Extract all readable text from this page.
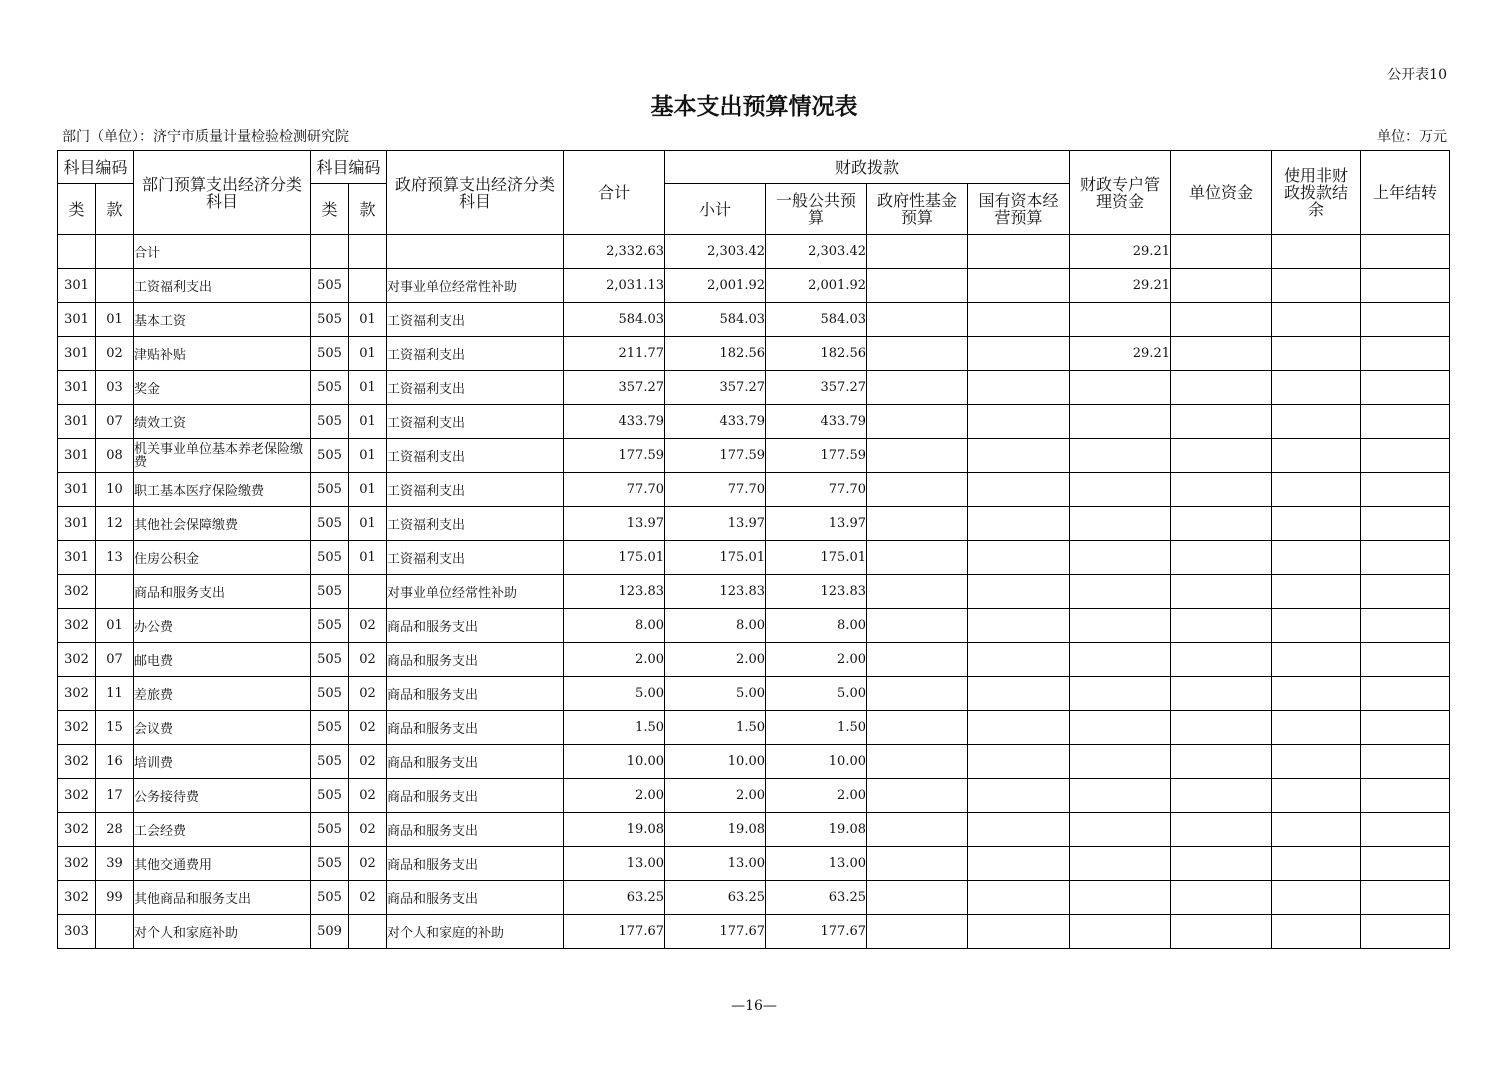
公开表10
基本支出预算情况表
部门（单位）：济宁市质量计量检验检测研究院	单位：万元
科目编码		部门预算支出经济分类科目	科目编码		政府预算支出经济分类科目	合计	财政拨款				财政专户管理资金	单位资金	使用非财政拨款结余	上年结转
类	款		类	款			小计	一般公共预算	政府性基金预算	国有资本经营预算				
		合计				2,332.63	2,303.42	2,303.42			29.21			
301		工资福利支出	505		对事业单位经常性补助	2,031.13	2,001.92	2,001.92			29.21			
301	01	基本工资	505	01	工资福利支出	584.03	584.03	584.03						
301	02	津贴补贴	505	01	工资福利支出	211.77	182.56	182.56			29.21			
301	03	奖金	505	01	工资福利支出	357.27	357.27	357.27						
301	07	绩效工资	505	01	工资福利支出	433.79	433.79	433.79						
301	08	机关事业单位基本养老保险缴费	505	01	工资福利支出	177.59	177.59	177.59						
301	10	职工基本医疗保险缴费	505	01	工资福利支出	77.70	77.70	77.70						
301	12	其他社会保障缴费	505	01	工资福利支出	13.97	13.97	13.97						
301	13	住房公积金	505	01	工资福利支出	175.01	175.01	175.01						
302		商品和服务支出	505		对事业单位经常性补助	123.83	123.83	123.83						
302	01	办公费	505	02	商品和服务支出	8.00	8.00	8.00						
302	07	邮电费	505	02	商品和服务支出	2.00	2.00	2.00						
302	11	差旅费	505	02	商品和服务支出	5.00	5.00	5.00						
302	15	会议费	505	02	商品和服务支出	1.50	1.50	1.50						
302	16	培训费	505	02	商品和服务支出	10.00	10.00	10.00						
302	17	公务接待费	505	02	商品和服务支出	2.00	2.00	2.00						
302	28	工会经费	505	02	商品和服务支出	19.08	19.08	19.08						
302	39	其他交通费用	505	02	商品和服务支出	13.00	13.00	13.00						
302	99	其他商品和服务支出	505	02	商品和服务支出	63.25	63.25	63.25						
303		对个人和家庭补助	509		对个人和家庭的补助	177.67	177.67	177.67						
—16—
